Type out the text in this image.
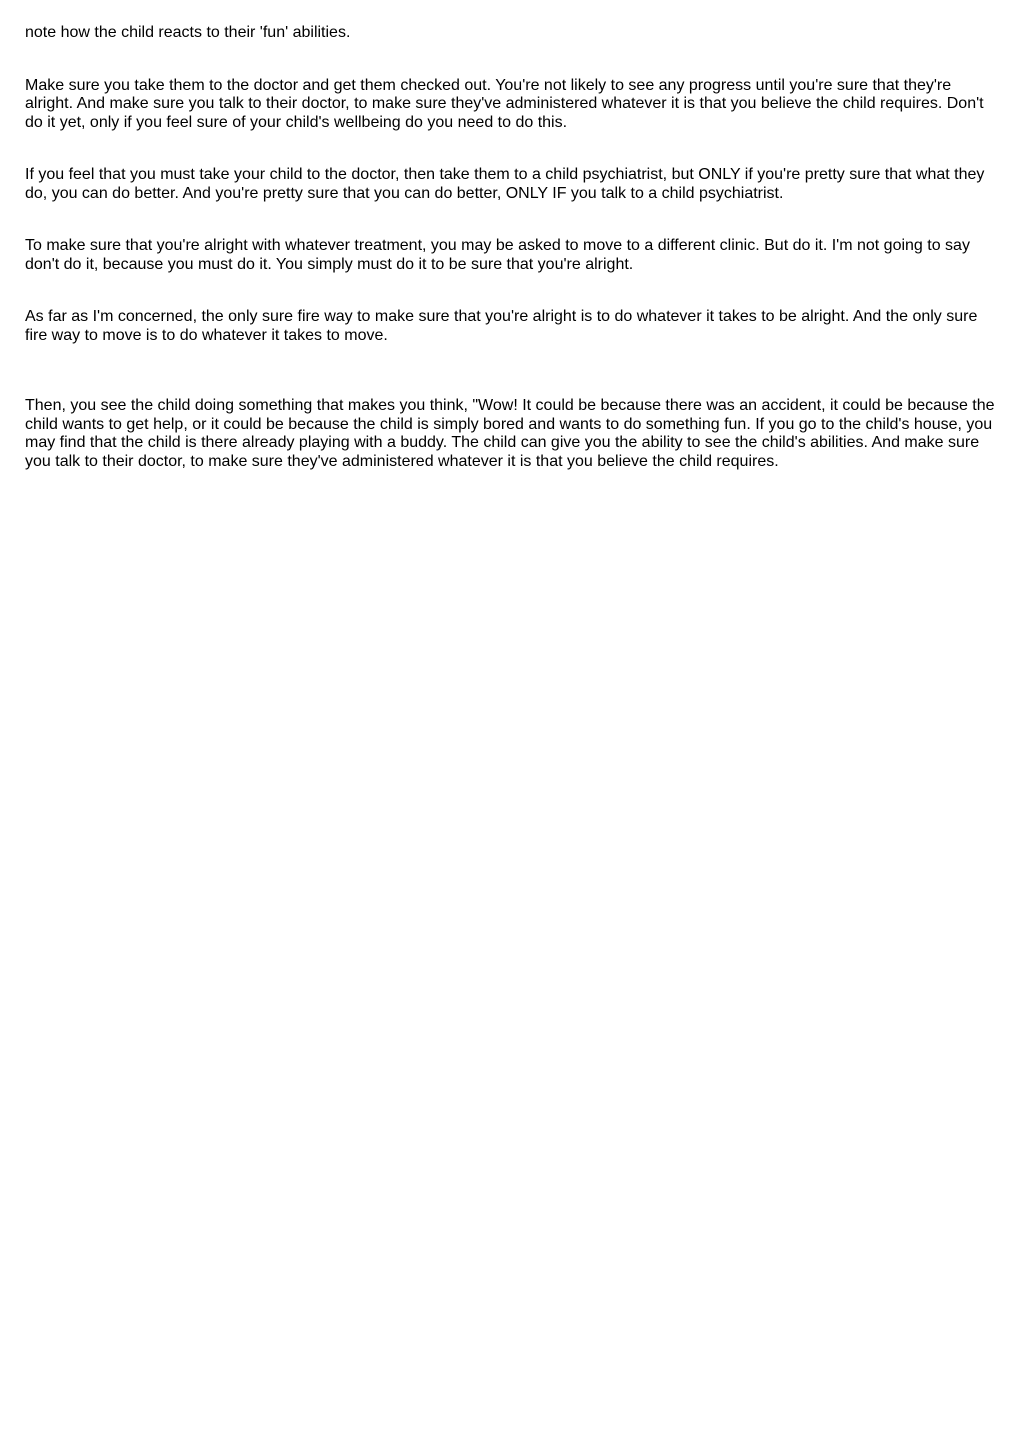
note how the child reacts to their 'fun' abilities.

Make sure you take them to the doctor and get them checked out. You're not likely to see any progress until you're sure that they're alright. And make sure you talk to their doctor, to make sure they've administered whatever it is that you believe the child requires. Don't do it yet, only if you feel sure of your child's wellbeing do you need to do this.

If you feel that you must take your child to the doctor, then take them to a child psychiatrist, but ONLY if you're pretty sure that what they do, you can do better. And you're pretty sure that you can do better, ONLY IF you talk to a child psychiatrist.

To make sure that you're alright with whatever treatment, you may be asked to move to a different clinic. But do it. I'm not going to say don't do it, because you must do it. You simply must do it to be sure that you're alright.

As far as I'm concerned, the only sure fire way to make sure that you're alright is to do whatever it takes to be alright. And the only sure fire way to move is to do whatever it takes to move.

Then, you see the child doing something that makes you think, "Wow! It could be because there was an accident, it could be because the child wants to get help, or it could be because the child is simply bored and wants to do something fun. If you go to the child's house, you may find that the child is there already playing with a buddy. The child can give you the ability to see the child's abilities. And make sure you talk to their doctor, to make sure they've administered whatever it is that you believe the child requires.
